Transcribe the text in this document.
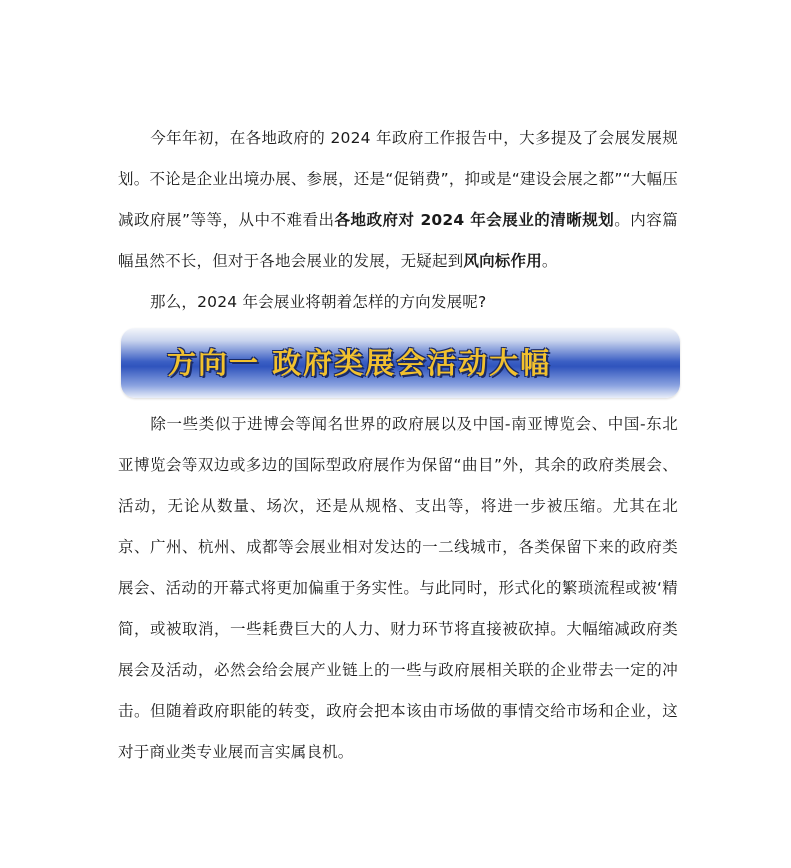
今年年初，在各地政府的 2024 年政府工作报告中，大多提及了会展发展规划。不论是企业出境办展、参展，还是“促销费”，抑或是“建设会展之都”“大幅压减政府展”等等，从中不难看出各地政府对 2024 年会展业的清晰规划。内容篇幅虽然不长，但对于各地会展业的发展，无疑起到风向标作用。

那么，2024 年会展业将朝着怎样的方向发展呢?

方向一 政府类展会活动大幅

除一些类似于进博会等闻名世界的政府展以及中国-南亚博览会、中国-东北亚博览会等双边或多边的国际型政府展作为保留“曲目”外，其余的政府类展会、活动，无论从数量、场次，还是从规格、支出等，将进一步被压缩。尤其在北京、广州、杭州、成都等会展业相对发达的一二线城市，各类保留下来的政府类展会、活动的开幕式将更加偏重于务实性。与此同时，形式化的繁琐流程或被‘精简，或被取消，一些耗费巨大的人力、财力环节将直接被砍掉。大幅缩减政府类展会及活动，必然会给会展产业链上的一些与政府展相关联的企业带去一定的冲击。但随着政府职能的转变，政府会把本该由市场做的事情交给市场和企业，这对于商业类专业展而言实属良机。
